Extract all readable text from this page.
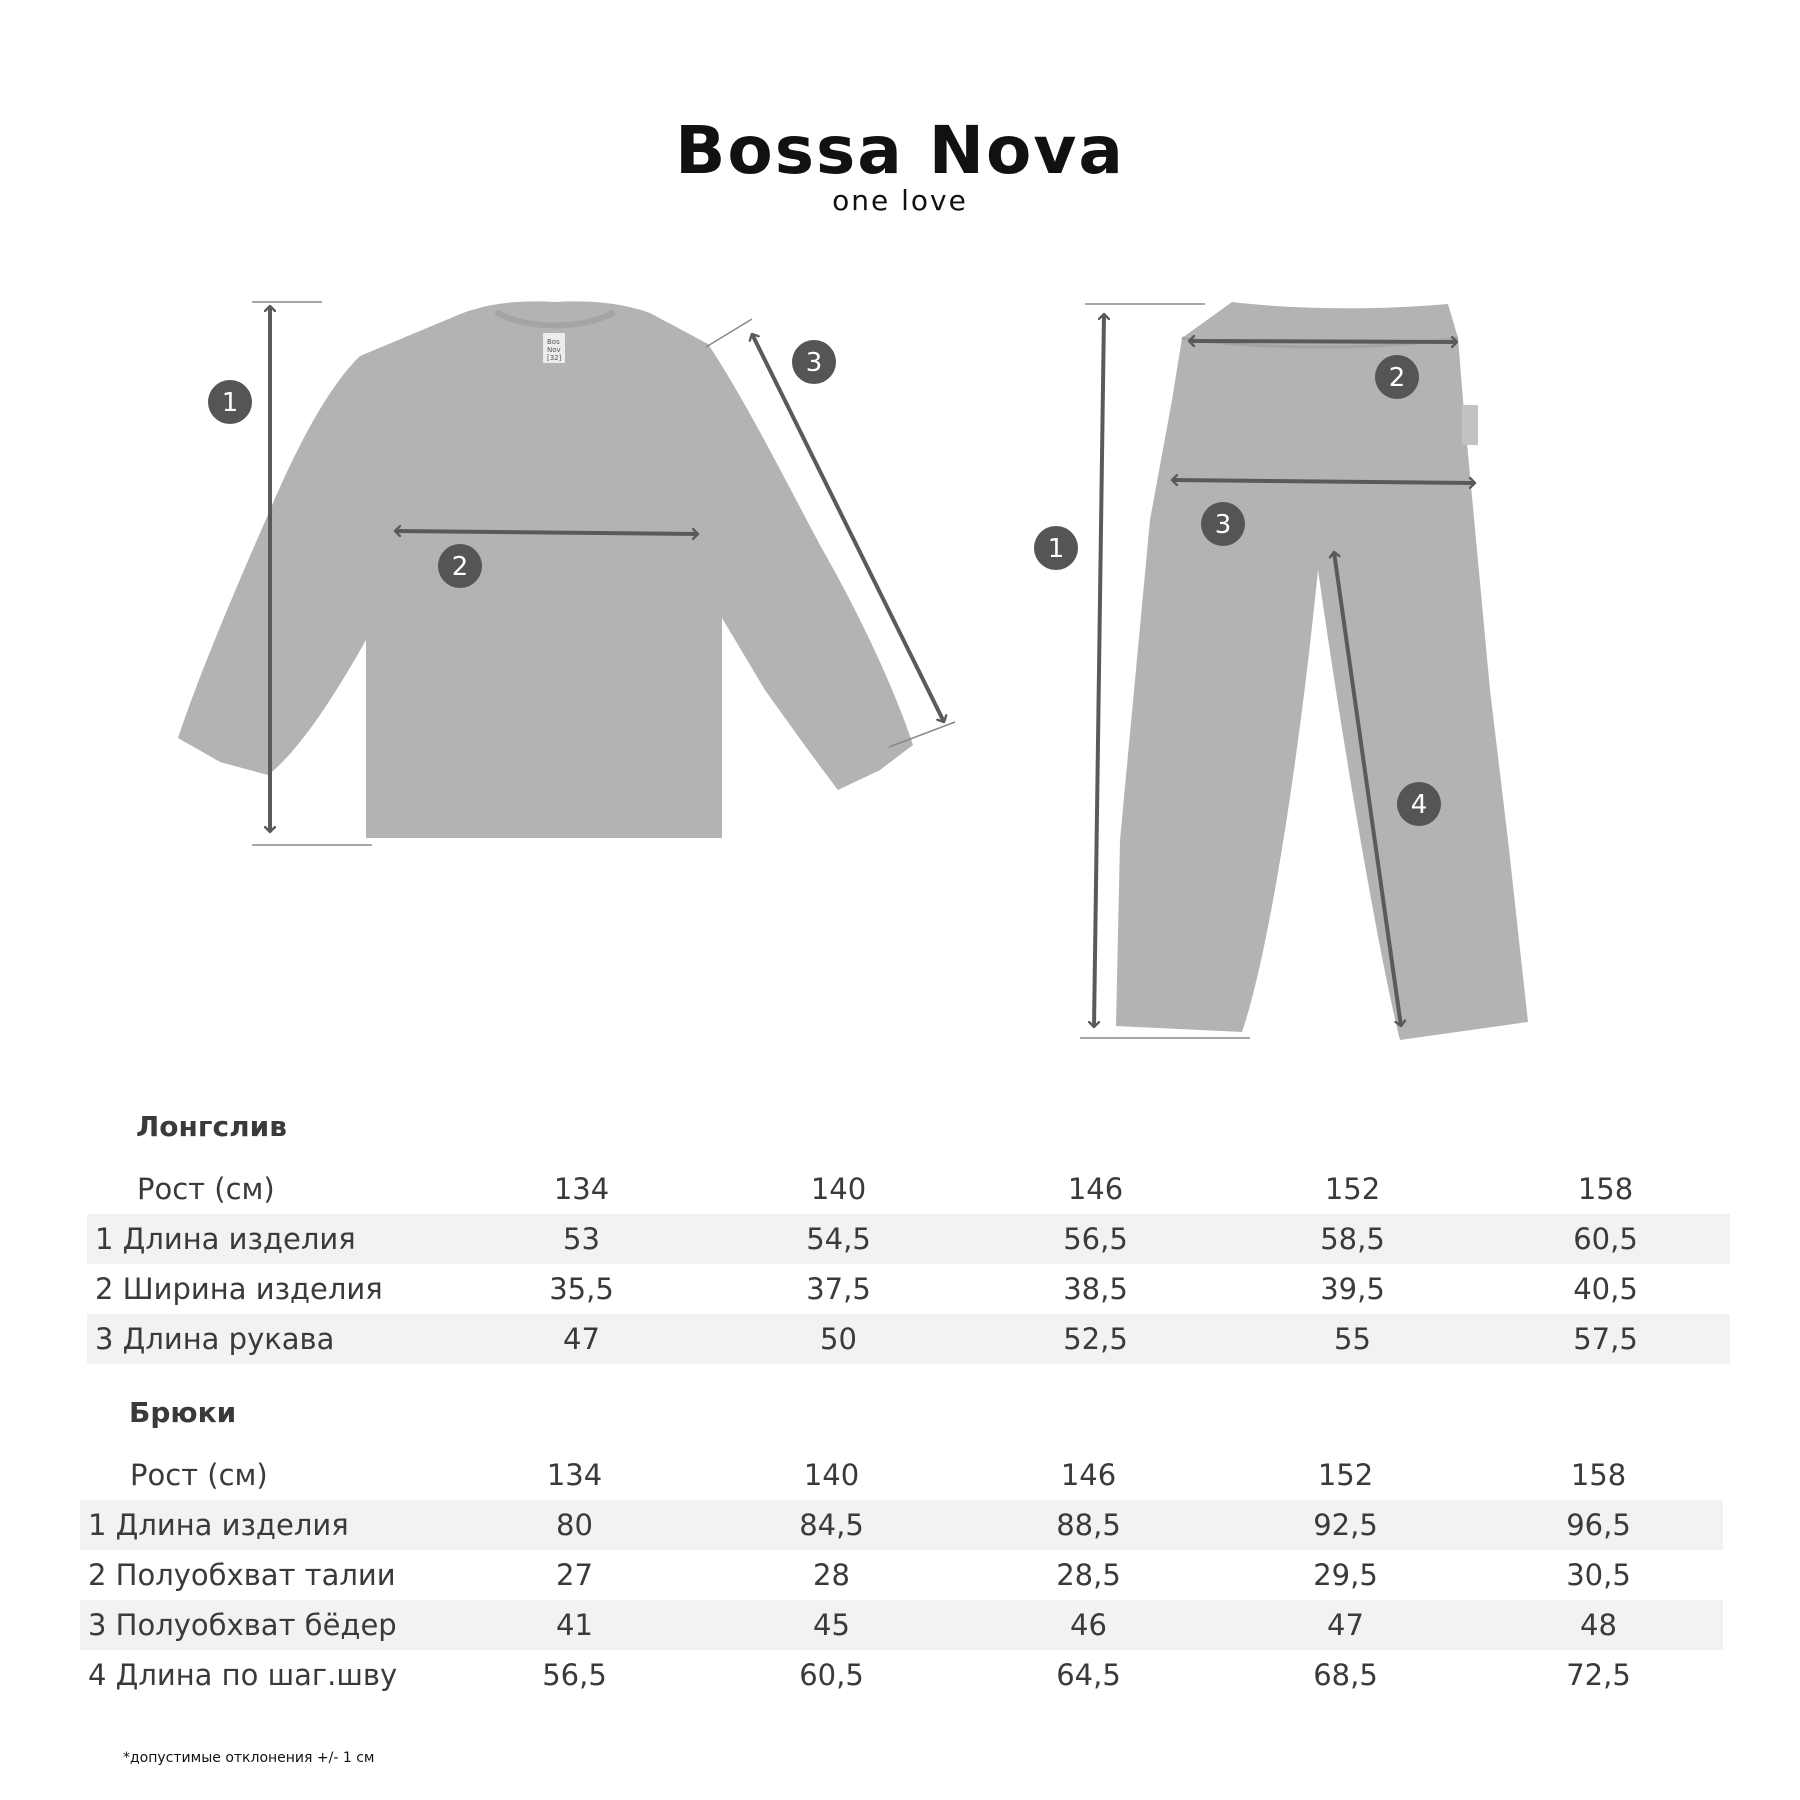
Bossa Nova
one love
Bos
Nov
[32]
1
2
3
1
2
3
4
Лонгслив
Рост (см)	134	140	146	152	158
1 Длина изделия	53	54,5	56,5	58,5	60,5
2 Ширина изделия	35,5	37,5	38,5	39,5	40,5
3 Длина рукава	47	50	52,5	55	57,5
Брюки
Рост (см)	134	140	146	152	158
1 Длина изделия	80	84,5	88,5	92,5	96,5
2 Полуобхват талии	27	28	28,5	29,5	30,5
3 Полуобхват бёдер	41	45	46	47	48
4 Длина по шаг.шву	56,5	60,5	64,5	68,5	72,5
*допустимые отклонения +/- 1 см
